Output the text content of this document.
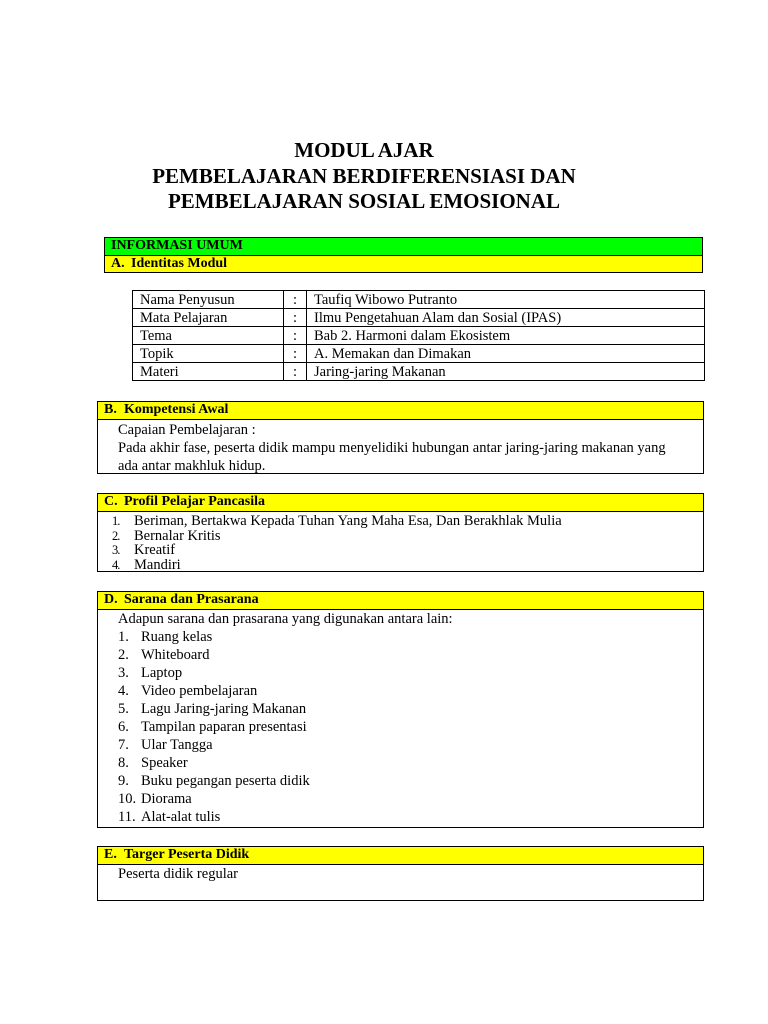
MODUL AJAR
PEMBELAJARAN BERDIFERENSIASI DAN
PEMBELAJARAN SOSIAL EMOSIONAL
INFORMASI UMUM
A. Identitas Modul
Nama Penyusun	:	Taufiq Wibowo Putranto
Mata Pelajaran	:	Ilmu Pengetahuan Alam dan Sosial (IPAS)
Tema	:	Bab 2. Harmoni dalam Ekosistem
Topik	:	A. Memakan dan Dimakan
Materi	:	Jaring-jaring Makanan
B. Kompetensi Awal
Capaian Pembelajaran :
Pada akhir fase, peserta didik mampu menyelidiki hubungan antar jaring-jaring makanan yang
ada antar makhluk hidup.
C. Profil Pelajar Pancasila
1. Beriman, Bertakwa Kepada Tuhan Yang Maha Esa, Dan Berakhlak Mulia
2. Bernalar Kritis
3. Kreatif
4. Mandiri
D. Sarana dan Prasarana
Adapun sarana dan prasarana yang digunakan antara lain:
1. Ruang kelas
2. Whiteboard
3. Laptop
4. Video pembelajaran
5. Lagu Jaring-jaring Makanan
6. Tampilan paparan presentasi
7. Ular Tangga
8. Speaker
9. Buku pegangan peserta didik
10. Diorama
11. Alat-alat tulis
E. Targer Peserta Didik
Peserta didik regular
